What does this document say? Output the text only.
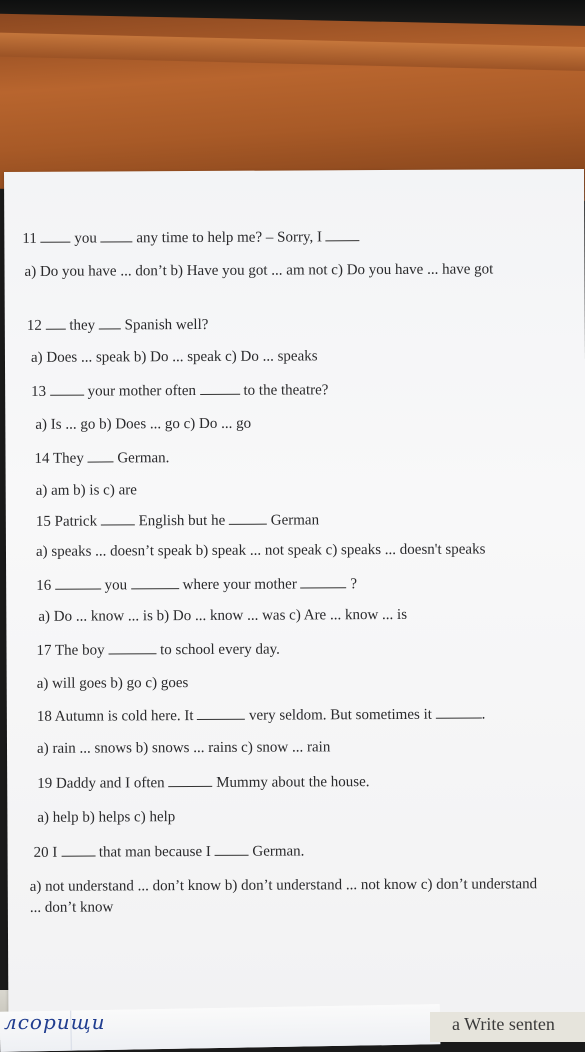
11  you  any time to help me? – Sorry, I
a) Do you have ... don’t b) Have you got ... am not c) Do you have ... have got
12  they  Spanish well?
a) Does ... speak b) Do ... speak c) Do ... speaks
13  your mother often	to the theatre?
a) Is ... go b) Does ... go c) Do ... go
14 They  German.
a) am b) is c) are
15 Patrick  English but he	German
a) speaks ... doesn’t speak b) speak ... not speak c) speaks ... doesn't speaks
16	you	where your mother	?
a) Do ... know ... is b) Do ... know ... was c) Are ... know ... is
17 The boy	to school every day.
a) will goes b) go c) goes
18 Autumn is cold here. It	very seldom. But sometimes it	.
a) rain ... snows b) snows ... rains c) snow ... rain
19 Daddy and I often	Mummy about the house.
a) help b) helps c) help
20 I  that man because I  German.
a) not understand ... don’t know b) don’t understand ... not know c) don’t understand ... don’t know
лсорищи	a Write senten
